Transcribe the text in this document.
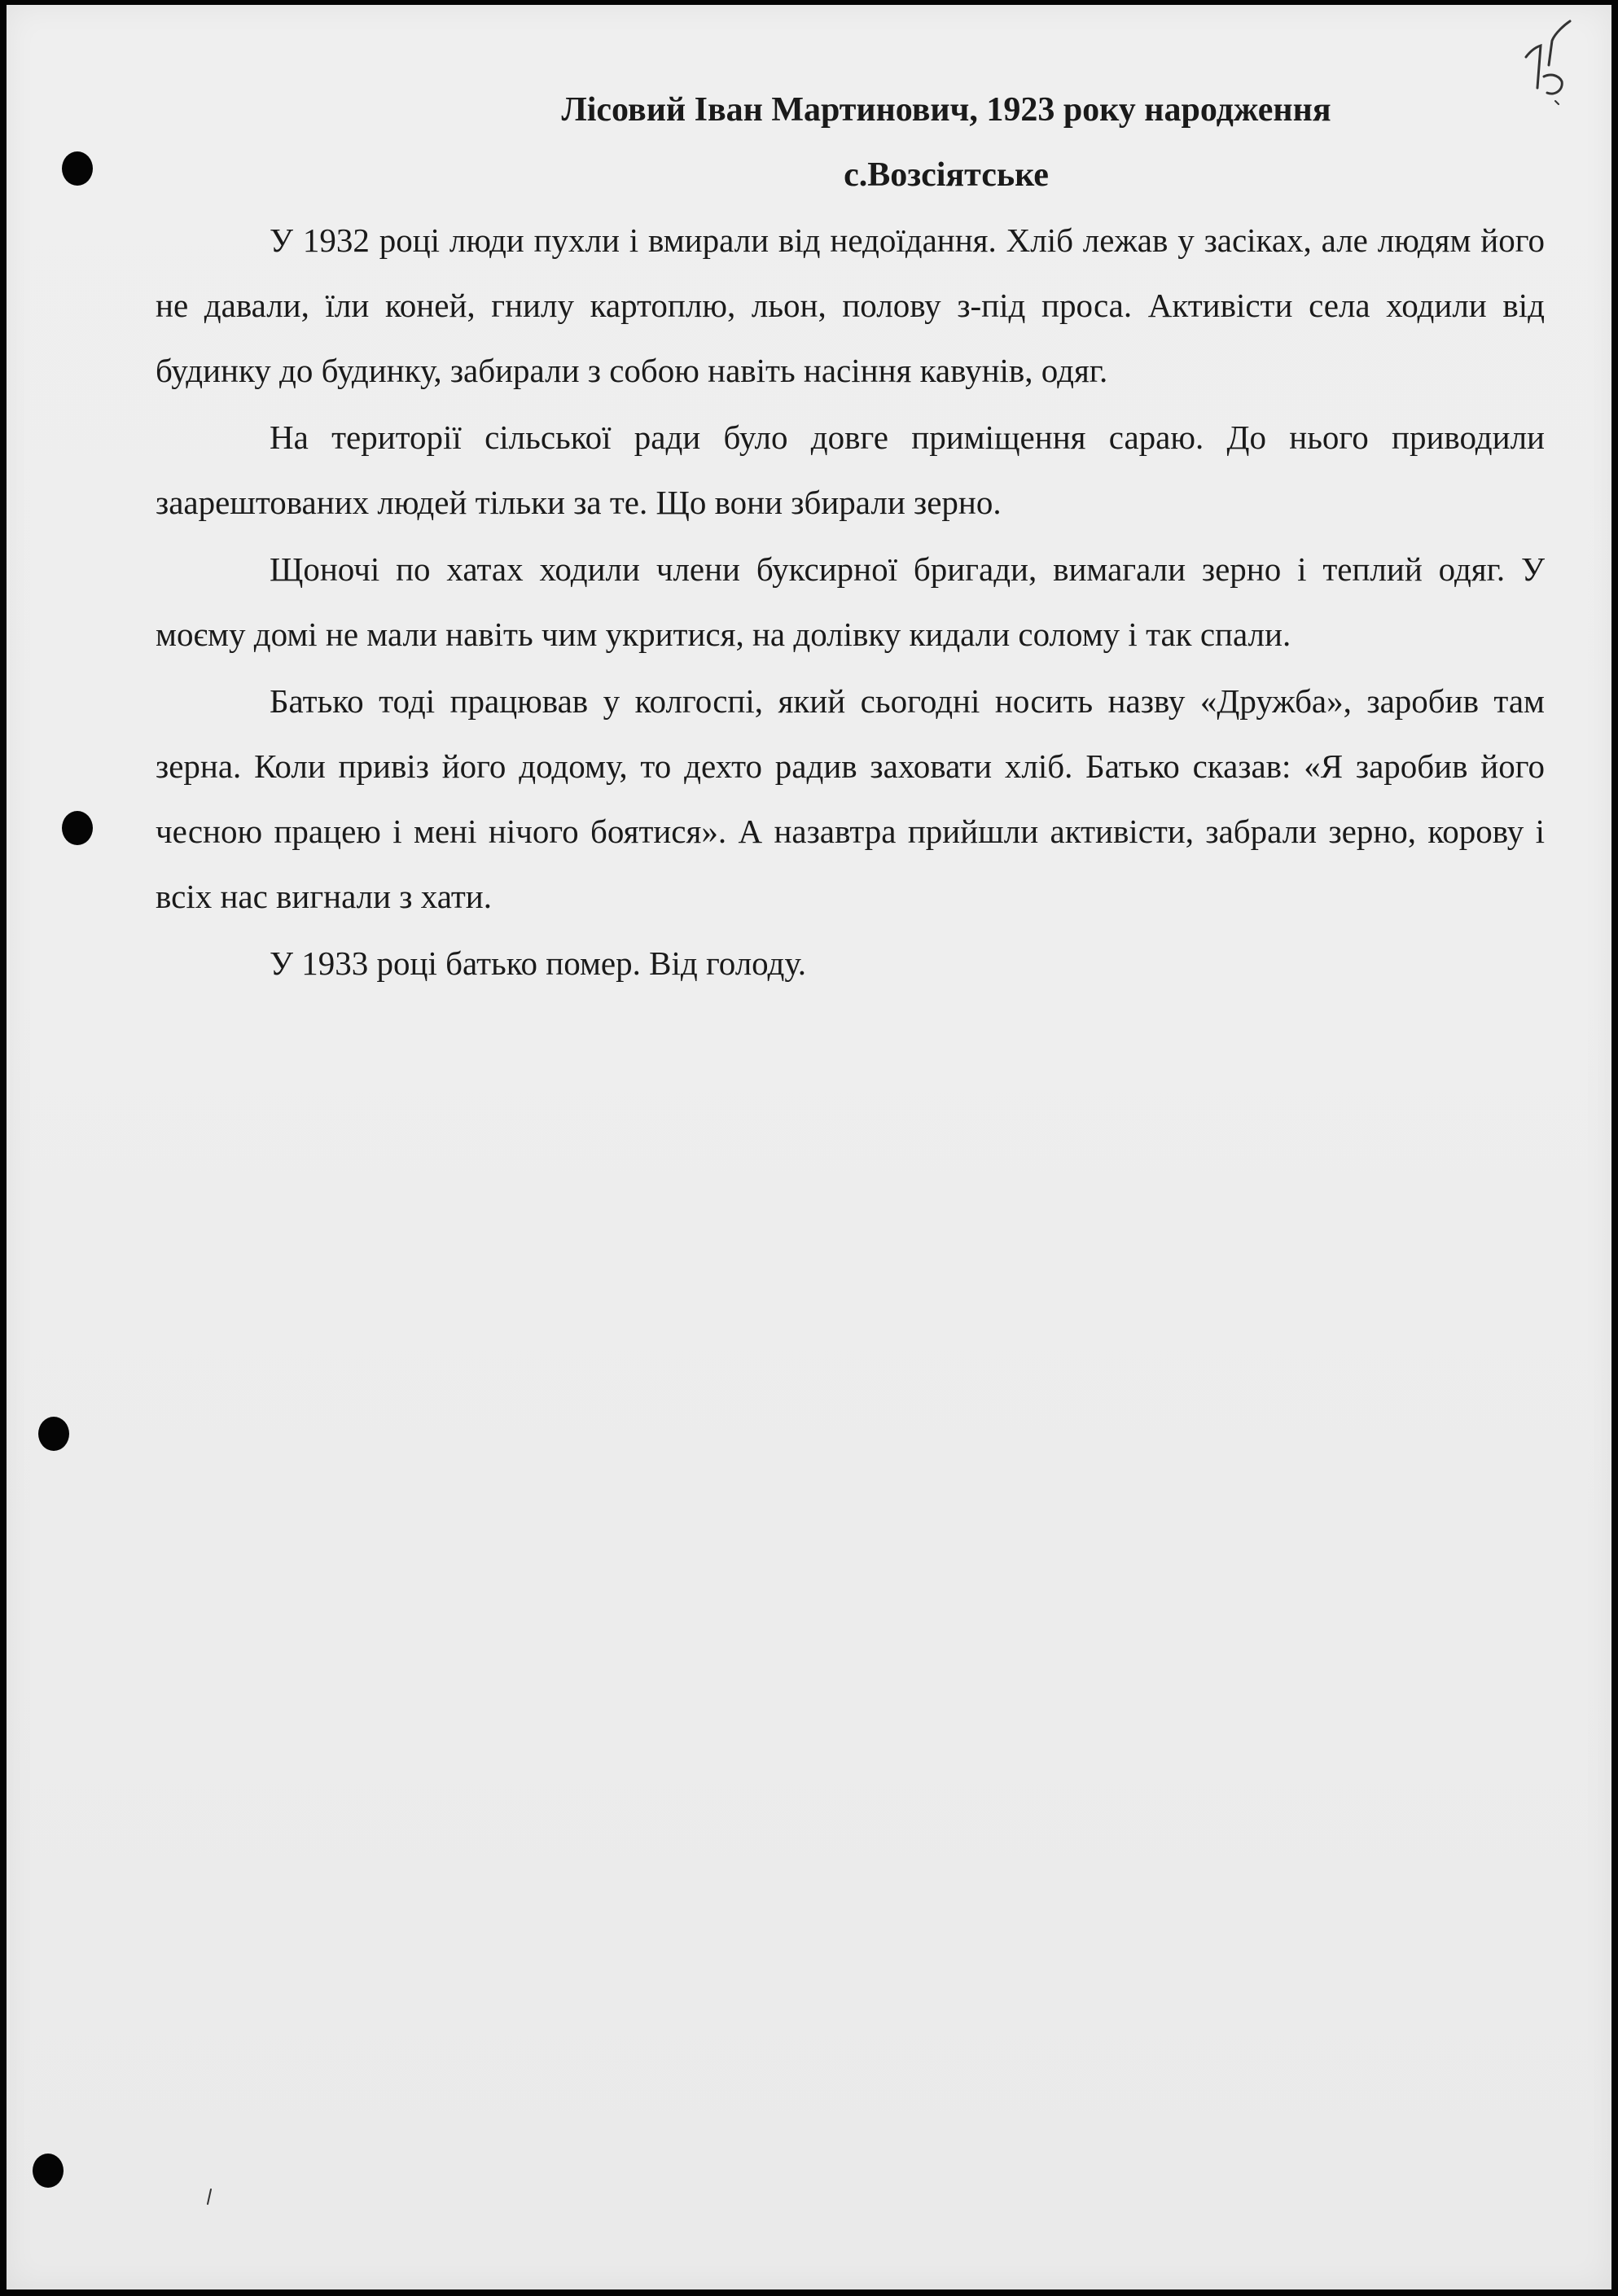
Лісовий Іван Мартинович, 1923 року народження

с.Возсіятське

У 1932 році люди пухли і вмирали від недоїдання. Хліб лежав у засіках, але людям його не давали, їли коней, гнилу картоплю, льон, полову з-під проса. Активісти села ходили від будинку до будинку, забирали з собою навіть насіння кавунів, одяг.

На території сільської ради було довге приміщення сараю. До нього приводили заарештованих людей тільки за те. Що вони збирали зерно.

Щоночі по хатах ходили члени буксирної бригади, вимагали зерно і теплий одяг. У моєму домі не мали навіть чим укритися, на долівку кидали солому і так спали.

Батько тоді працював у колгоспі, який сьогодні носить назву «Дружба», заробив там зерна. Коли привіз його додому, то дехто радив заховати хліб. Батько сказав: «Я заробив його чесною працею і мені нічого боятися». А назавтра прийшли активісти, забрали зерно, корову і всіх нас вигнали з хати.

У 1933 році батько помер. Від голоду.
